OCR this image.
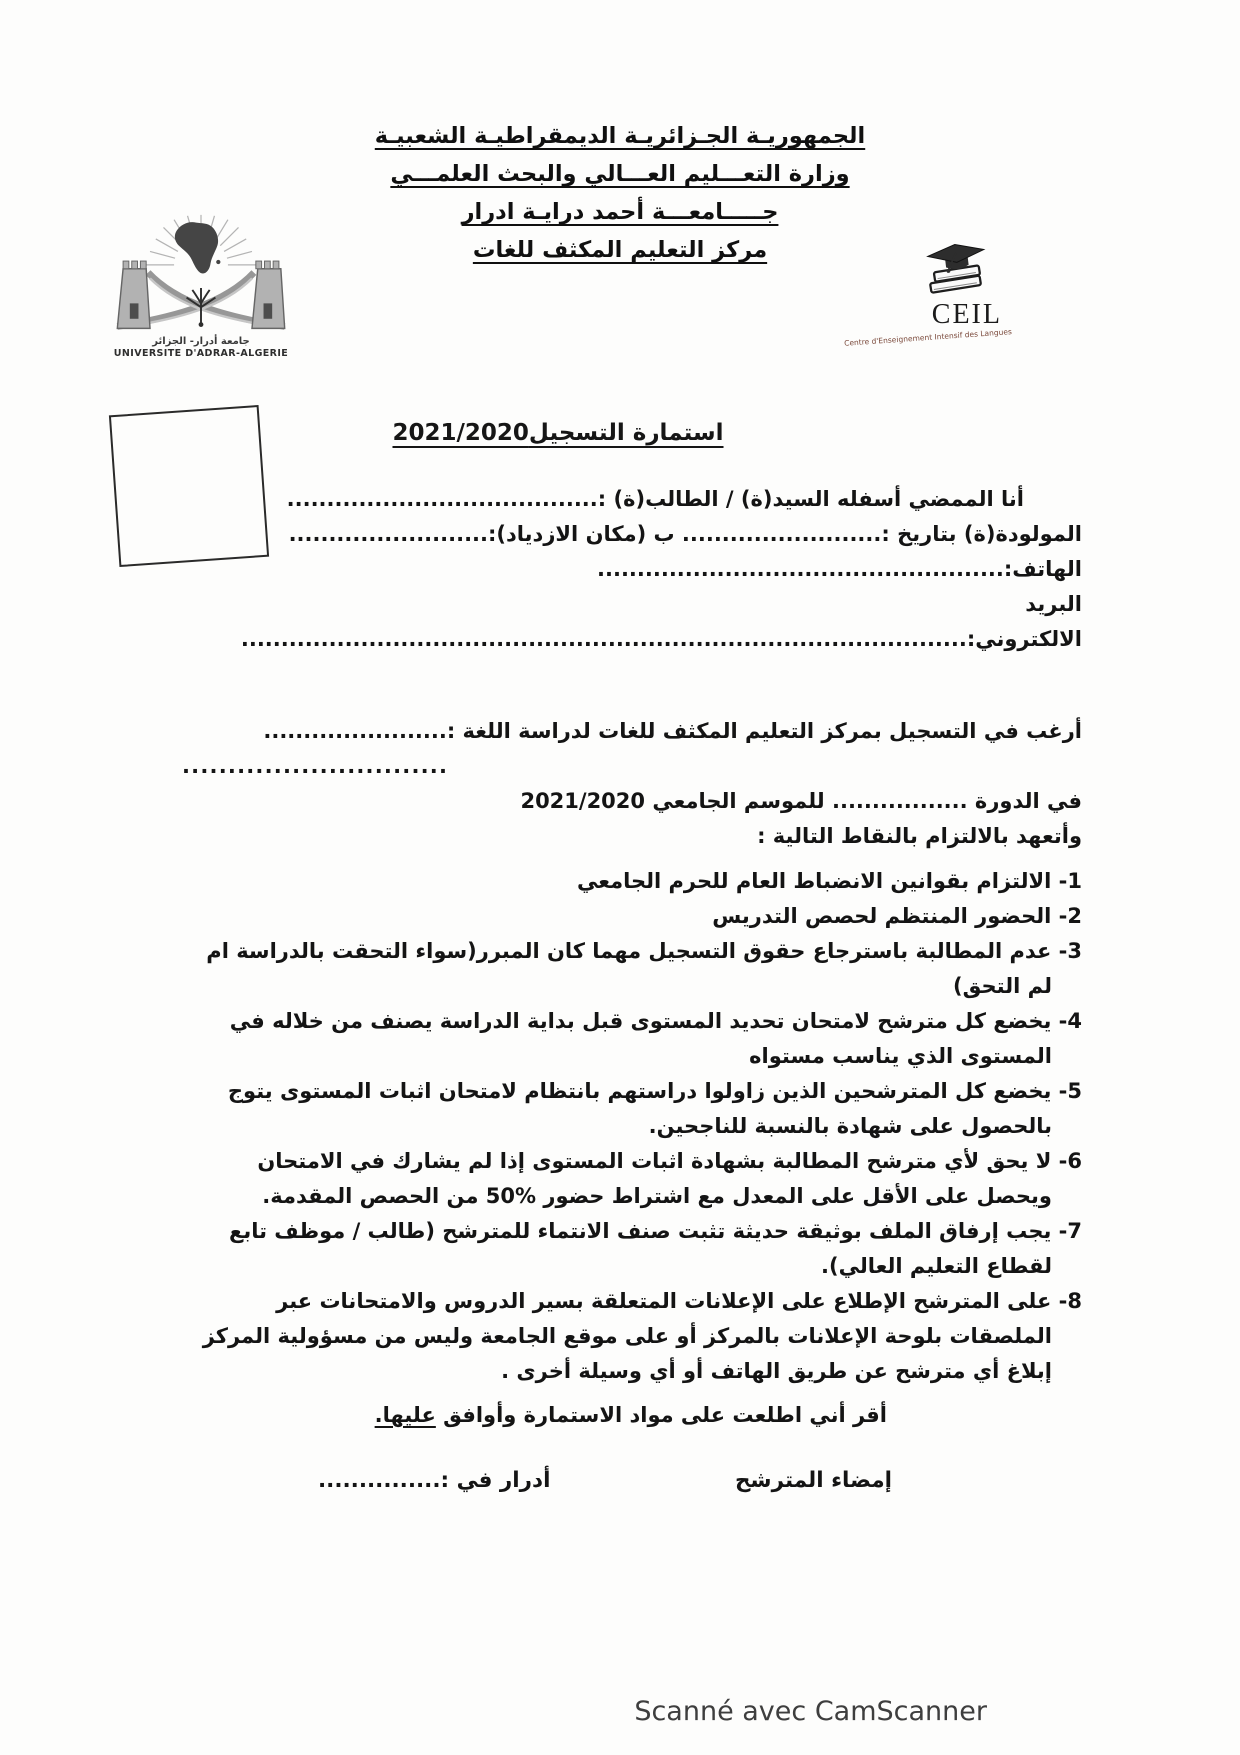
الجمهوريـة الجـزائريـة الديمقراطيـة الشعبيـة
وزارة التعـــليم العـــالي والبحث العلمـــي
جـــــامعـــة أحمد درايـة ادرار
مركز التعليم المكثف للغات
جامعة أدرار- الجزائر
UNIVERSITE D'ADRAR-ALGERIE
CEIL
Centre d'Enseignement Intensif des Langues
استمارة التسجيل2021/2020
أنا الممضي أسفله السيد(ة) / الطالب(ة) :.......................................
المولودة(ة) بتاريخ :......................... ب (مكان الازدياد):.........................
الهاتف:...................................................
البريد الالكتروني:...........................................................................................
أرغب في التسجيل بمركز التعليم المكثف للغات لدراسة اللغة :.......................
.............................
في الدورة ................. للموسم الجامعي 2021/2020
وأتعهد بالالتزام بالنقاط التالية :
1- الالتزام بقوانين الانضباط العام للحرم الجامعي
2- الحضور المنتظم لحصص التدريس
3- عدم المطالبة باسترجاع حقوق التسجيل مهما كان المبرر(سواء التحقت بالدراسة ام لم التحق)
4- يخضع كل مترشح لامتحان تحديد المستوى قبل بداية الدراسة يصنف من خلاله في المستوى الذي يناسب مستواه
5- يخضع كل المترشحين الذين زاولوا دراستهم بانتظام لامتحان اثبات المستوى يتوج بالحصول على شهادة بالنسبة للناجحين.
6- لا يحق لأي مترشح المطالبة بشهادة اثبات المستوى إذا لم يشارك في الامتحان ويحصل على الأقل على المعدل مع اشتراط حضور %50 من الحصص المقدمة.
7- يجب إرفاق الملف بوثيقة حديثة تثبت صنف الانتماء للمترشح (طالب / موظف تابع لقطاع التعليم العالي).
8- على المترشح الإطلاع على الإعلانات المتعلقة بسير الدروس والامتحانات عبر الملصقات بلوحة الإعلانات بالمركز أو على موقع الجامعة وليس من مسؤولية المركز إبلاغ أي مترشح عن طريق الهاتف أو أي وسيلة أخرى .
أقر أني اطلعت على مواد الاستمارة وأوافق عليها.
إمضاء المترشح
أدرار في :...............
Scanné avec CamScanner
